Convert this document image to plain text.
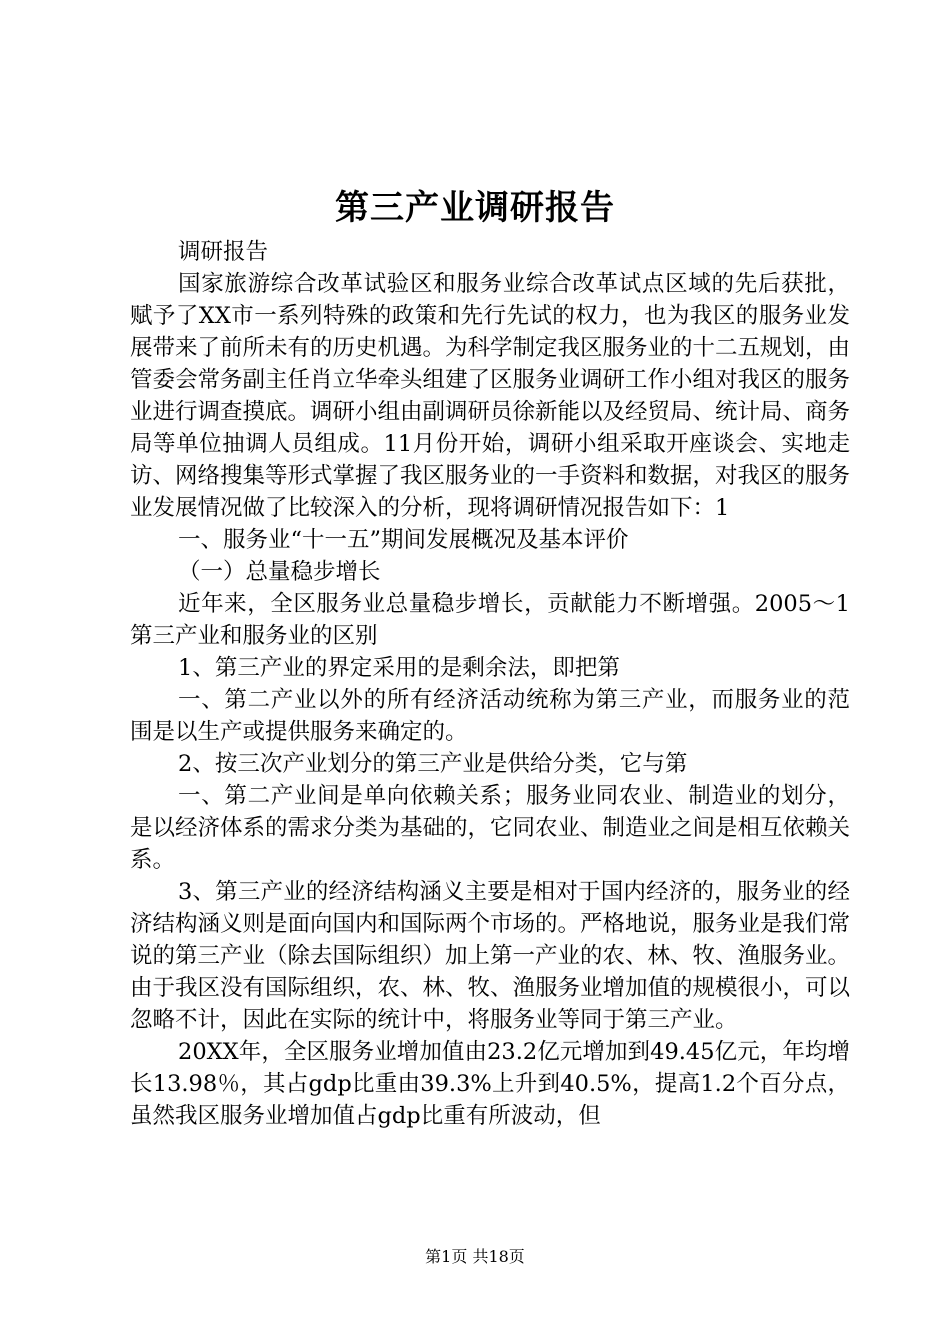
第三产业调研报告

调研报告

国家旅游综合改革试验区和服务业综合改革试点区域的先后获批，赋予了XX市一系列特殊的政策和先行先试的权力，也为我区的服务业发展带来了前所未有的历史机遇。为科学制定我区服务业的十二五规划，由管委会常务副主任肖立华牵头组建了区服务业调研工作小组对我区的服务业进行调查摸底。调研小组由副调研员徐新能以及经贸局、统计局、商务局等单位抽调人员组成。11月份开始，调研小组采取开座谈会、实地走访、网络搜集等形式掌握了我区服务业的一手资料和数据，对我区的服务业发展情况做了比较深入的分析，现将调研情况报告如下：1

一、服务业“十一五”期间发展概况及基本评价

（一）总量稳步增长

近年来，全区服务业总量稳步增长，贡献能力不断增强。2005～1第三产业和服务业的区别

1、第三产业的界定采用的是剩余法，即把第

一、第二产业以外的所有经济活动统称为第三产业，而服务业的范围是以生产或提供服务来确定的。

2、按三次产业划分的第三产业是供给分类，它与第

一、第二产业间是单向依赖关系；服务业同农业、制造业的划分，是以经济体系的需求分类为基础的，它同农业、制造业之间是相互依赖关系。

3、第三产业的经济结构涵义主要是相对于国内经济的，服务业的经济结构涵义则是面向国内和国际两个市场的。严格地说，服务业是我们常说的第三产业（除去国际组织）加上第一产业的农、林、牧、渔服务业。由于我区没有国际组织，农、林、牧、渔服务业增加值的规模很小，可以忽略不计，因此在实际的统计中，将服务业等同于第三产业。

20XX年，全区服务业增加值由23.2亿元增加到49.45亿元，年均增长13.98％，其占gdp比重由39.3%上升到40.5%，提高1.2个百分点，虽然我区服务业增加值占gdp比重有所波动，但

第1页 共18页
